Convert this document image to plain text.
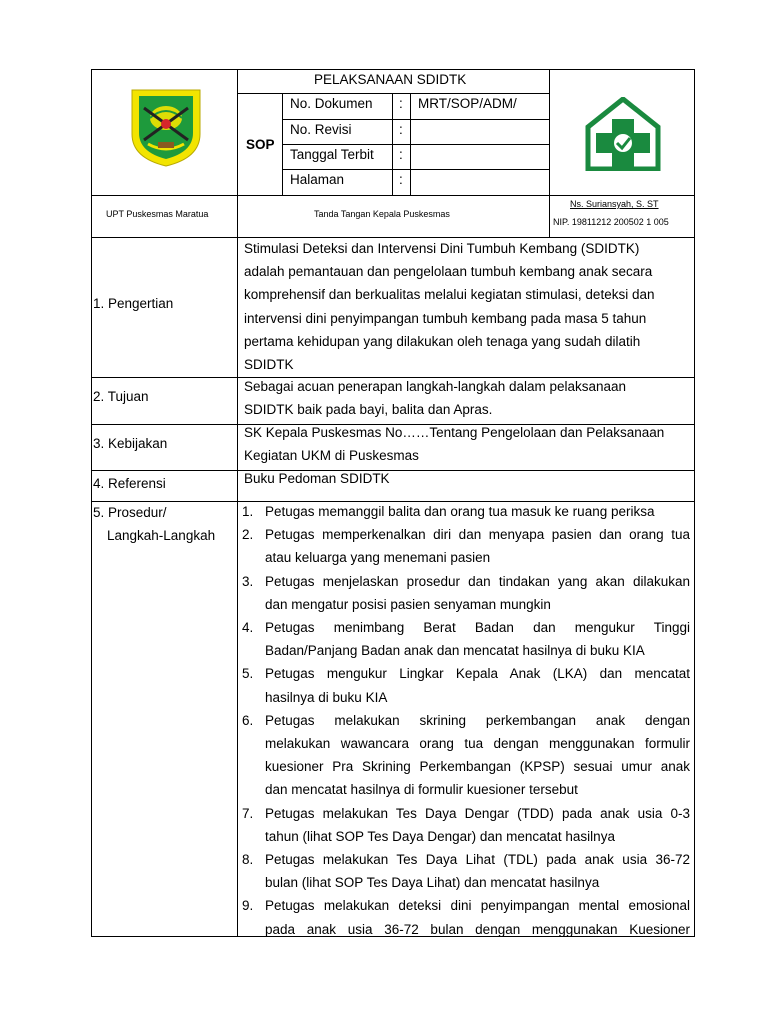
PELAKSANAAN SDIDTK
SOP
No. Dokumen : MRT/SOP/ADM/
No. Revisi	:
Tanggal Terbit :
Halaman	:
UPT Puskesmas Maratua	Tanda Tangan Kepala Puskesmas
Ns. Suriansyah, S. ST
NIP. 19811212 200502 1 005
1. Pengertian
Stimulasi Deteksi dan Intervensi Dini Tumbuh Kembang (SDIDTK)
adalah pemantauan dan pengelolaan tumbuh kembang anak secara
komprehensif dan berkualitas melalui kegiatan stimulasi, deteksi dan
intervensi dini penyimpangan tumbuh kembang pada masa 5 tahun
pertama kehidupan yang dilakukan oleh tenaga yang sudah dilatih
SDIDTK
2. Tujuan
Sebagai acuan penerapan langkah-langkah dalam pelaksanaan
SDIDTK baik pada bayi, balita dan Apras.
3. Kebijakan
SK Kepala Puskesmas No……Tentang Pengelolaan dan Pelaksanaan
Kegiatan UKM di Puskesmas
4. Referensi	Buku Pedoman SDIDTK
5. Prosedur/
Langkah-Langkah
1. Petugas memanggil balita dan orang tua masuk ke ruang periksa
2. Petugas memperkenalkan diri dan menyapa pasien dan orang tua
atau keluarga yang menemani pasien
3. Petugas menjelaskan prosedur dan tindakan yang akan dilakukan
dan mengatur posisi pasien senyaman mungkin
4. Petugas menimbang Berat Badan dan mengukur Tinggi
Badan/Panjang Badan anak dan mencatat hasilnya di buku KIA
5. Petugas mengukur Lingkar Kepala Anak (LKA) dan mencatat
hasilnya di buku KIA
6. Petugas melakukan skrining perkembangan anak dengan
melakukan wawancara orang tua dengan menggunakan formulir
kuesioner Pra Skrining Perkembangan (KPSP) sesuai umur anak
dan mencatat hasilnya di formulir kuesioner tersebut
7. Petugas melakukan Tes Daya Dengar (TDD) pada anak usia 0-3
tahun (lihat SOP Tes Daya Dengar) dan mencatat hasilnya
8. Petugas melakukan Tes Daya Lihat (TDL) pada anak usia 36-72
bulan (lihat SOP Tes Daya Lihat) dan mencatat hasilnya
9. Petugas melakukan deteksi dini penyimpangan mental emosional
pada anak usia 36-72 bulan dengan menggunakan Kuesioner
